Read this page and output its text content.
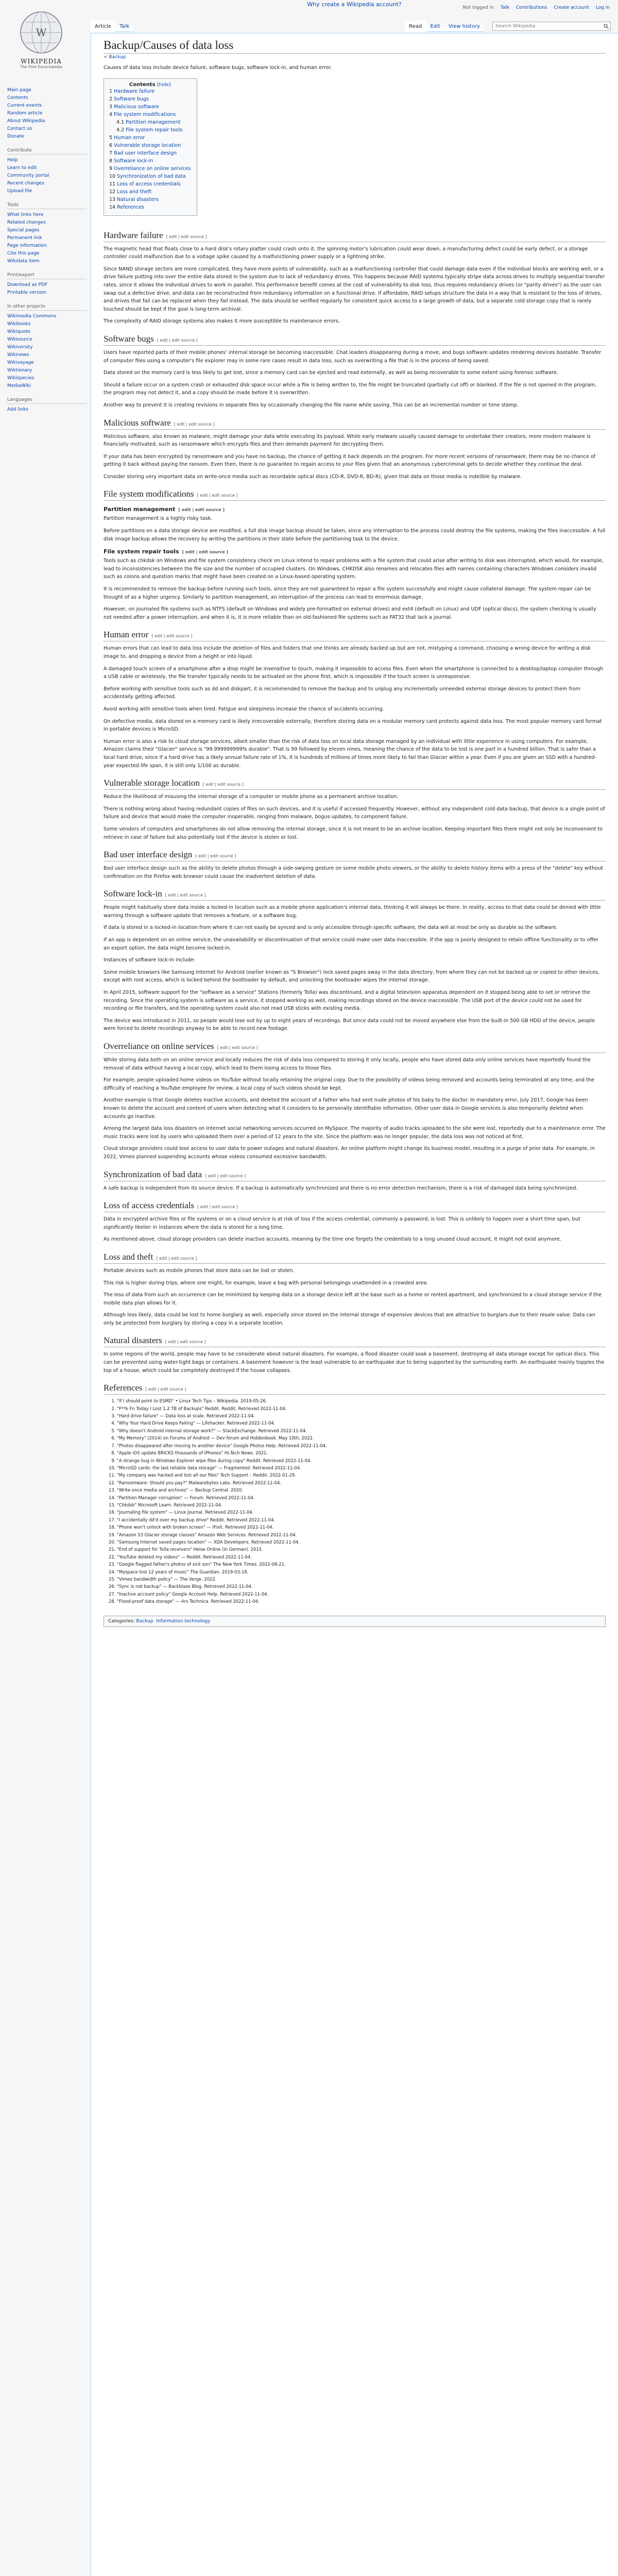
W
WIKIPEDIA
The Free Encyclopedia
Main page
Contents
Current events
Random article
About Wikipedia
Contact us
Donate
Contribute
Help
Learn to edit
Community portal
Recent changes
Upload file
Tools
What links here
Related changes
Special pages
Permanent link
Page information
Cite this page
Wikidata item
Print/export
Download as PDF
Printable version
In other projects
Wikimedia Commons
Wikibooks
Wikiquote
Wikisource
Wikiversity
Wikinews
Wikivoyage
Wiktionary
Wikispecies
MediaWiki
Languages
Add links
Why create a Wikipedia account?	Not logged in Talk Contributions Create account Log in
Article Talk	Read Edit View history	Search Wikipedia
Backup/Causes of data loss
< Backup

Causes of data loss include device failure, software bugs, software lock-in, and human error.

Contents [hide]
1 Hardware failure
2 Software bugs
3 Malicious software
4 File system modifications
4.1 Partition management
4.2 File system repair tools
5 Human error
6 Vulnerable storage location
7 Bad user interface design
8 Software lock-in
9 Overreliance on online services
10 Synchronization of bad data
11 Loss of access credentials
12 Loss and theft
13 Natural disasters
14 References
Hardware failure [ edit | edit source ]

The magnetic head that floats close to a hard disk's rotary platter could crash onto it, the spinning motor's lubrication could wear down, a manufacturing defect could be early defect, or a storage controller could malfunction due to a voltage spike caused by a malfunctioning power supply or a lightning strike.

Since NAND storage sectors are more complicated, they have more points of vulnerability, such as a malfunctioning controller that could damage data even if the individual blocks are working well, or a drive failure putting into over the entire data stored in the system due to lack of redundancy drives. This happens because RAID systems typically stripe data across drives to multiply sequential transfer rates, since it allows the individual drives to work in parallel. This performance benefit comes at the cost of vulnerability to disk loss, thus requires redundancy drives (or "parity drives") as the user can swap out a defective drive, and data can be reconstructed from redundancy information on a functional drive. If affordable, RAID setups structure the data in a way that is resistant to the loss of drives, and drives that fail can be replaced when they fail instead. The data should be verified regularly for consistent quick access to a large growth of data, but a separate cold storage copy that is rarely touched should be kept if the goal is long-term archival.

The complexity of RAID storage systems also makes it more susceptible to maintenance errors.

Software bugs [ edit | edit source ]

Users have reported parts of their mobile phones' internal storage be becoming inaccessible. Chat leaders disappearing during a move, and bugs software updates rendering devices bootable. Transfer of computer files using a computer's file explorer may in some rare cases result in data loss, such as overwriting a file that is in the process of being saved.

Data stored on the memory card is less likely to get lost, since a memory card can be ejected and read externally, as well as being recoverable to some extent using forensic software.

Should a failure occur on a system crash or exhausted disk space occur while a file is being written to, the file might be truncated (partially cut off) or blanked. If the file is not opened in the program, the program may not detect it, and a copy should be made before it is overwritten.

Another way to prevent it is creating revisions in separate files by occasionally changing the file name while saving. This can be an incremental number or time stamp.

Malicious software [ edit | edit source ]

Malicious software, also known as malware, might damage your data while executing its payload. While early malware usually caused damage to undertake their creators, more modern malware is financially motivated, such as ransomware which encrypts files and then demands payment for decrypting them.

If your data has been encrypted by ransomware and you have no backup, the chance of getting it back depends on the program. For more recent versions of ransomware, there may be no chance of getting it back without paying the ransom. Even then, there is no guarantee to regain access to your files given that an anonymous cybercriminal gets to decide whether they continue the deal.

Consider storing very important data on write-once media such as recordable optical discs (CD-R, DVD-R, BD-R), given that data on those media is indelible by malware.

File system modifications [ edit | edit source ]
Partition management [ edit | edit source ]

Partition management is a highly risky task.

Before partitions on a data storage device are modified, a full disk image backup should be taken, since any interruption to the process could destroy the file systems, making the files inaccessible. A full disk image backup allows the recovery by writing the partitions in their state before the partitioning task to the device.

File system repair tools [ edit | edit source ]

Tools such as chkdsk on Windows and file system consistency check on Linux intend to repair problems with a file system that could arise after writing to disk was interrupted, which would, for example, lead to inconsistencies between the file size and the number of occupied clusters. On Windows, CHKDSK also renames and relocates files with names containing characters Windows considers invalid such as colons and question marks that might have been created on a Linux-based operating system.

It is recommended to remove the backup before running such tools, since they are not guaranteed to repair a file system successfully and might cause collateral damage. The system repair can be thought of as a higher urgency. Similarly to partition management, an interruption of the process can lead to enormous damage.

However, on journaled file systems such as NTFS (default on Windows and widely pre-formatted on external drives) and ext4 (default on Linux) and UDF (optical discs), the system checking is usually not needed after a power interruption, and when it is, it is more reliable than on old-fashioned file systems such as FAT32 that lack a journal.

Human error [ edit | edit source ]

Human errors that can lead to data loss include the deletion of files and folders that one thinks are already backed up but are not, mistyping a command, choosing a wrong device for writing a disk image to, and dropping a device from a height or into liquid.

A damaged touch screen of a smartphone after a drop might be insensitive to touch, making it impossible to access files. Even when the smartphone is connected to a desktop/laptop computer through a USB cable or wirelessly, the file transfer typically needs to be activated on the phone first, which is impossible if the touch screen is unresponsive.

Before working with sensitive tools such as dd and diskpart, it is recommended to remove the backup and to unplug any incrementally unneeded external storage devices to protect them from accidentally getting affected.

Avoid working with sensitive tools when tired. Fatigue and sleepiness increase the chance of accidents occurring.

On defective media, data stored on a memory card is likely irrecoverable externally, therefore storing data on a modular memory card protects against data loss. The most popular memory card format in portable devices is MicroSD.

Human error is also a risk to cloud storage services, albeit smaller than the risk of data loss on local data storage managed by an individual with little experience in using computers. For example, Amazon claims their "Glacier" service is "99.999999999% durable". That is 99 followed by eleven nines, meaning the chance of the data to be lost is one part in a hundred billion. That is safer than a local hard drive, since if a hard drive has a likely annual failure rate of 1%, it is hundreds of millions of times more likely to fail than Glacier within a year. Even if you are given an SSD with a hundred-year expected life span, it is still only 1/100 as durable.

Vulnerable storage location [ edit | edit source ]

Reduce the likelihood of misusing the internal storage of a computer or mobile phone as a permanent archive location.

There is nothing wrong about having redundant copies of files on such devices, and it is useful if accessed frequently. However, without any independent cold data backup, that device is a single point of failure and device that would make the computer inoperable, ranging from malware, bogus updates, to component failure.

Some vendors of computers and smartphones do not allow removing the internal storage, since it is not meant to be an archive location. Keeping important files there might not only be inconvenient to retrieve in case of failure but also potentially lost if the device is stolen or lost.

Bad user interface design [ edit | edit source ]

Bad user interface design such as the ability to delete photos through a side-swiping gesture on some mobile photo viewers, or the ability to delete history items with a press of the "delete" key without confirmation on the Firefox web browser could cause the inadvertent deletion of data.

Software lock-in [ edit | edit source ]

People might habitually store data inside a locked-in location such as a mobile phone application's internal data, thinking it will always be there. In reality, access to that data could be denied with little warning through a software update that removes a feature, or a software bug.

If data is stored in a locked-in location from where it can not easily be synced and is only accessible through specific software, the data will at most be only as durable as the software.

If an app is dependent on an online service, the unavailability or discontinuation of that service could make user data inaccessible. If the app is poorly designed to retain offline functionality or to offer an export option, the data might become locked-in.

Instances of software lock-in include:

Some mobile browsers like Samsung Internet for Android (earlier known as "S Browser") lock saved pages away in the data directory, from where they can not be backed up or copied to other devices, except with root access, which is locked behind the bootloader by default, and unlocking the bootloader wipes the internal storage.

In April 2015, software support for the "software as a service" Stations (formerly Tolla) was discontinued, and a digital television apparatus dependent on it stopped being able to set or retrieve the recording. Since the operating system is software as a service, it stopped working as well, making recordings stored on the device inaccessible. The USB port of the device could not be used for recording or file transfers, and the operating system could also not read USB sticks with existing media.

The device was introduced in 2011, so people would lose out by up to eight years of recordings. But since data could not be moved anywhere else from the built-in 500 GB HDD of the device, people were forced to delete recordings anyway to be able to record new footage.

Overreliance on online services [ edit | edit source ]

While storing data both on an online service and locally reduces the risk of data loss compared to storing it only locally, people who have stored data only online services have reportedly found the removal of data without having a local copy, which lead to them losing access to those files.

For example, people uploaded home videos on YouTube without locally retaining the original copy. Due to the possibility of videos being removed and accounts being terminated at any time, and the difficulty of reaching a YouTube employee for review, a local copy of such videos should be kept.

Another example is that Google deletes inactive accounts, and deleted the account of a father who had sent nude photos of his baby to the doctor. In mandatory error, July 2017, Google has been known to delete the account and content of users when detecting what it considers to be personally identifiable information. Other user data in Google services is also temporarily deleted when accounts go inactive.

Among the largest data loss disasters on Internet social networking services occurred on MySpace. The majority of audio tracks uploaded to the site were lost, reportedly due to a maintenance error. The music tracks were lost by users who uploaded them over a period of 12 years to the site. Since the platform was no longer popular, the data loss was not noticed at first.

Cloud storage providers could lose access to user data to power outages and natural disasters. An online platform might change its business model, resulting in a purge of prior data. For example, in 2022, Vimeo planned suspending accounts whose videos consumed excessive bandwidth.

Synchronization of bad data [ edit | edit source ]

A safe backup is independent from its source device. If a backup is automatically synchronized and there is no error detection mechanism, there is a risk of damaged data being synchronized.

Loss of access credentials [ edit | edit source ]

Data in encrypted archive files or file systems or on a cloud service is at risk of loss if the access credential, commonly a password, is lost. This is unlikely to happen over a short time span, but significantly likelier in instances where the data is stored for a long time.

As mentioned above, cloud storage providers can delete inactive accounts, meaning by the time one forgets the credentials to a long unused cloud account, it might not exist anymore.

Loss and theft [ edit | edit source ]

Portable devices such as mobile phones that store data can be lost or stolen.

This risk is higher during trips, where one might, for example, leave a bag with personal belongings unattended in a crowded area.

The loss of data from such an occurrence can be minimized by keeping data on a storage device left at the base such as a home or rented apartment, and synchronized to a cloud storage service if the mobile data plan allows for it.

Although less likely, data could be lost to home burglary as well, especially since stored on the internal storage of expensive devices that are attractive to burglars due to their resale value. Data can only be protected from burglary by storing a copy in a separate location.

Natural disasters [ edit | edit source ]

In some regions of the world, people may have to be considerate about natural disasters. For example, a flood disaster could soak a basement, destroying all data storage except for optical discs. This can be prevented using water-tight bags or containers. A basement however is the least vulnerable to an earthquake due to being supported by the surrounding earth. An earthquake mainly topples the top of a house, which could be completely destroyed if the house collapses.

References [ edit | edit source ]
1. "If I should point to ESMD" • Linux Tech Tips – Wikipedia. 2019-05-26.
2. "F**k Fn Today I Lost 1.2 TB of Backups" Reddit. Reddit. Retrieved 2022-11-04.
3. "Hard drive failure" — Data loss at scale. Retrieved 2022-11-04.
4. "Why Your Hard Drive Keeps Failing" — Lifehacker. Retrieved 2022-11-04.
5. "Why doesn't Android internal storage work?" — StackExchange. Retrieved 2022-11-04.
6. "My Memory" (2014) on Forums of Android — Dev forum and Hiddenbook. May 10th, 2022.
7. "Photos disappeared after moving to another device" Google Photos Help. Retrieved 2022-11-04.
8. "Apple iOS update BRICKS thousands of iPhones" Hi-Tech News. 2021.
9. "A strange bug in Windows Explorer wipe files during copy" Reddit. Retrieved 2022-11-04.
10. "MicroSD cards: the last reliable data storage" — Fragmented. Retrieved 2022-11-04.
11. "My company was hacked and lost all our files" Tech Support – Reddit. 2022-01-29.
12. "Ransomware: Should you pay?" Malwarebytes Labs. Retrieved 2022-11-04.
13. "Write-once media and archives" — Backup Central. 2020.
14. "Partition Manager corruption" — Forum. Retrieved 2022-11-04.
15. "Chkdsk" Microsoft Learn. Retrieved 2022-11-04.
16. "Journaling file system" — Linux Journal. Retrieved 2022-11-04.
17. "I accidentally dd'd over my backup drive" Reddit. Retrieved 2022-11-04.
18. "Phone won't unlock with broken screen" — iFixit. Retrieved 2022-11-04.
19. "Amazon S3 Glacier storage classes" Amazon Web Services. Retrieved 2022-11-04.
20. "Samsung Internet saved pages location" — XDA Developers. Retrieved 2022-11-04.
21. "End of support for Tolla receivers" Heise Online (in German). 2015.
22. "YouTube deleted my videos" — Reddit. Retrieved 2022-11-04.
23. "Google flagged father's photos of sick son" The New York Times. 2022-08-21.
24. "Myspace lost 12 years of music" The Guardian. 2019-03-18.
25. "Vimeo bandwidth policy" — The Verge. 2022.
26. "Sync is not backup" — Backblaze Blog. Retrieved 2022-11-04.
27. "Inactive account policy" Google Account Help. Retrieved 2022-11-04.
28. "Flood-proof data storage" — Ars Technica. Retrieved 2022-11-04.
Categories: Backup Information technology
